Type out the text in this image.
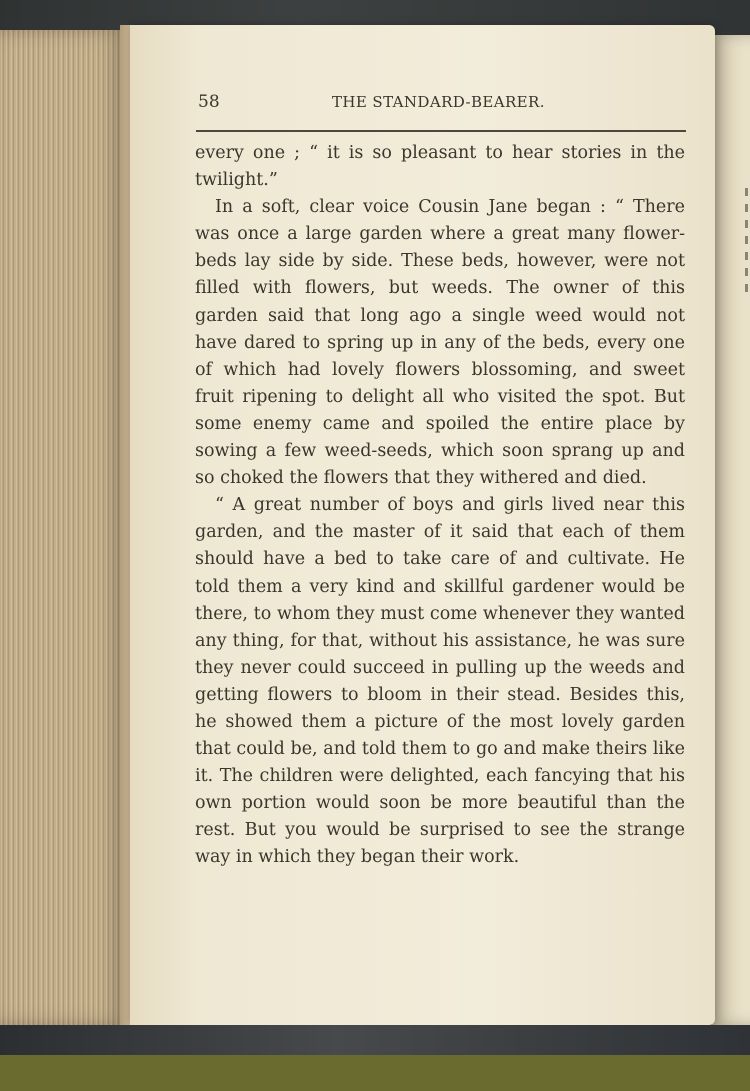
58	THE STANDARD-BEARER.

every one ; “ it is so pleasant to hear stories in the twilight.”

In a soft, clear voice Cousin Jane began : “ There was once a large garden where a great many flower-beds lay side by side. These beds, however, were not filled with flowers, but weeds. The owner of this garden said that long ago a single weed would not have dared to spring up in any of the beds, every one of which had lovely flowers blossoming, and sweet fruit ripening to delight all who visited the spot. But some enemy came and spoiled the entire place by sowing a few weed-seeds, which soon sprang up and so choked the flowers that they withered and died.

“ A great number of boys and girls lived near this garden, and the master of it said that each of them should have a bed to take care of and cultivate. He told them a very kind and skillful gardener would be there, to whom they must come whenever they wanted any thing, for that, without his assistance, he was sure they never could succeed in pulling up the weeds and getting flowers to bloom in their stead. Besides this, he showed them a picture of the most lovely garden that could be, and told them to go and make theirs like it. The children were delighted, each fancying that his own portion would soon be more beautiful than the rest. But you would be surprised to see the strange way in which they began their work.
